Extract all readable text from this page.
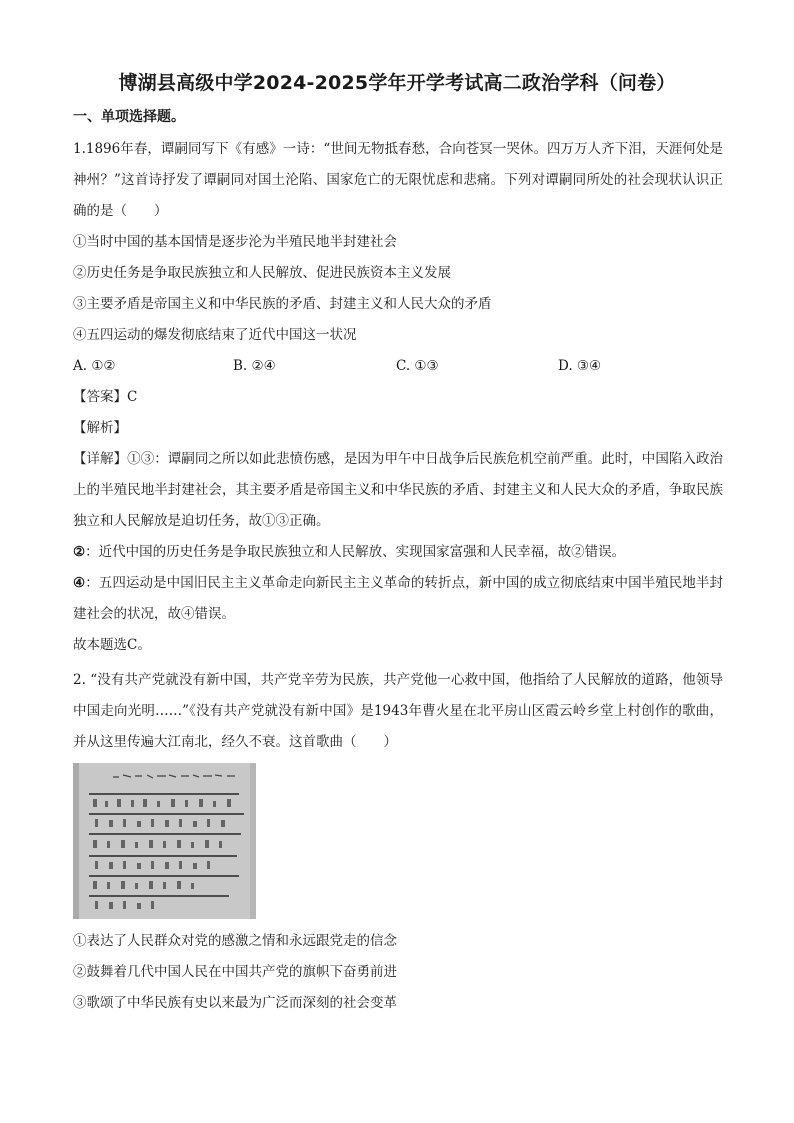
博湖县高级中学2024-2025学年开学考试高二政治学科（问卷）
一、单项选择题。

1.1896年春，谭嗣同写下《有感》一诗：“世间无物抵春愁，合向苍冥一哭休。四万万人齐下泪，天涯何处是神州？”这首诗抒发了谭嗣同对国土沦陷、国家危亡的无限忧虑和悲痛。下列对谭嗣同所处的社会现状认识正确的是（　　）

①当时中国的基本国情是逐步沦为半殖民地半封建社会

②历史任务是争取民族独立和人民解放、促进民族资本主义发展

③主要矛盾是帝国主义和中华民族的矛盾、封建主义和人民大众的矛盾

④五四运动的爆发彻底结束了近代中国这一状况

A. ①②	B. ②④	C. ①③	D. ③④

【答案】C

【解析】

【详解】①③：谭嗣同之所以如此悲愤伤感，是因为甲午中日战争后民族危机空前严重。此时，中国陷入政治上的半殖民地半封建社会，其主要矛盾是帝国主义和中华民族的矛盾、封建主义和人民大众的矛盾，争取民族独立和人民解放是迫切任务，故①③正确。

②：近代中国的历史任务是争取民族独立和人民解放、实现国家富强和人民幸福，故②错误。

④：五四运动是中国旧民主主义革命走向新民主主义革命的转折点，新中国的成立彻底结束中国半殖民地半封建社会的状况，故④错误。

故本题选C。

2. “没有共产党就没有新中国，共产党辛劳为民族，共产党他一心救中国，他指给了人民解放的道路，他领导中国走向光明……”《没有共产党就没有新中国》是1943年曹火星在北平房山区霞云岭乡堂上村创作的歌曲，并从这里传遍大江南北，经久不衰。这首歌曲（　　）

①表达了人民群众对党的感激之情和永远跟党走的信念

②鼓舞着几代中国人民在中国共产党的旗帜下奋勇前进

③歌颂了中华民族有史以来最为广泛而深刻的社会变革
